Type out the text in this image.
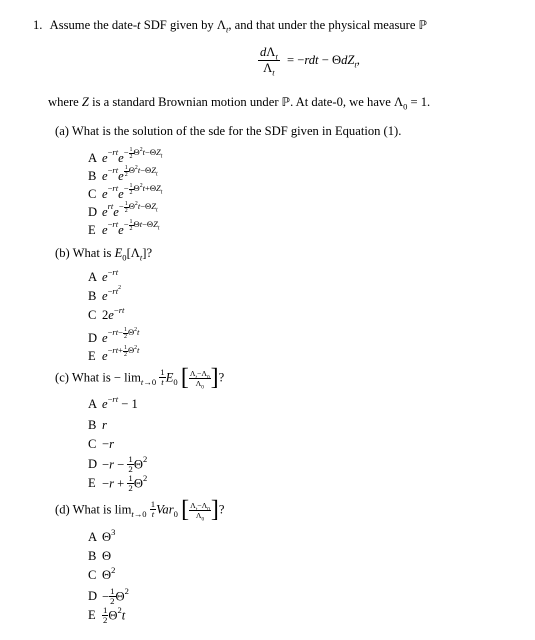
1. Assume the date-t SDF given by $\Lambda_t$, and that under the physical measure ℙ
$\frac{d\Lambda_t}{\Lambda_t} = -rdt - \Theta dZ_t$,
where Z is a standard Brownian motion under ℙ. At date-0, we have $\Lambda_0 = 1$.
(a) What is the solution of the sde for the SDF given in Equation (1).
A $e^{-rt}e^{- \frac{1}{2} \Theta^2t-\Theta Z_t}$
B $e^{-rt}e$ $^{\frac{1}{2} \Theta^2t-\Theta Z_t}$
C $e^{-rt}e^{- \frac{1}{2} \Theta^2t+\Theta Z_t}$
D $e^{rt}e^{- \frac{1}{2} \Theta^2t-\Theta Z_t}$
E $e^{-rt}e^{- \frac{1}{2} \Theta t-\Theta Z_t}$
(b) What is $E_0[\Lambda_t]$?
A $e^{-rt}$
B $e^{-rt^2}$
C $2e^{-rt}$
D $e^{-rt- \frac{1}{2} \Theta^2t}$
E $e^{-rt+ \frac{1}{2} \Theta^2t}$
(c) What is − $\lim_{t\to 0} \frac{1}{t} E_0$ [ $\frac{\Lambda_t-\Lambda_0}{\Lambda_0}$ ]?
A $e^{-rt} - 1$
B r
C −r
$D -r - \frac{1}{2} \Theta^2$
$E -r + \frac{1}{2} \Theta^2$
(d) What is $\lim_{t\to 0} \frac{1}{t} Var_0$ [ $\frac{\Lambda_t-\Lambda_0}{\Lambda_0}$ ]?
A $\Theta^3$
B Θ
C $\Theta^2$
$D - \frac{1}{2} \Theta^2$
E $\frac{1}{2} \Theta^2t$
